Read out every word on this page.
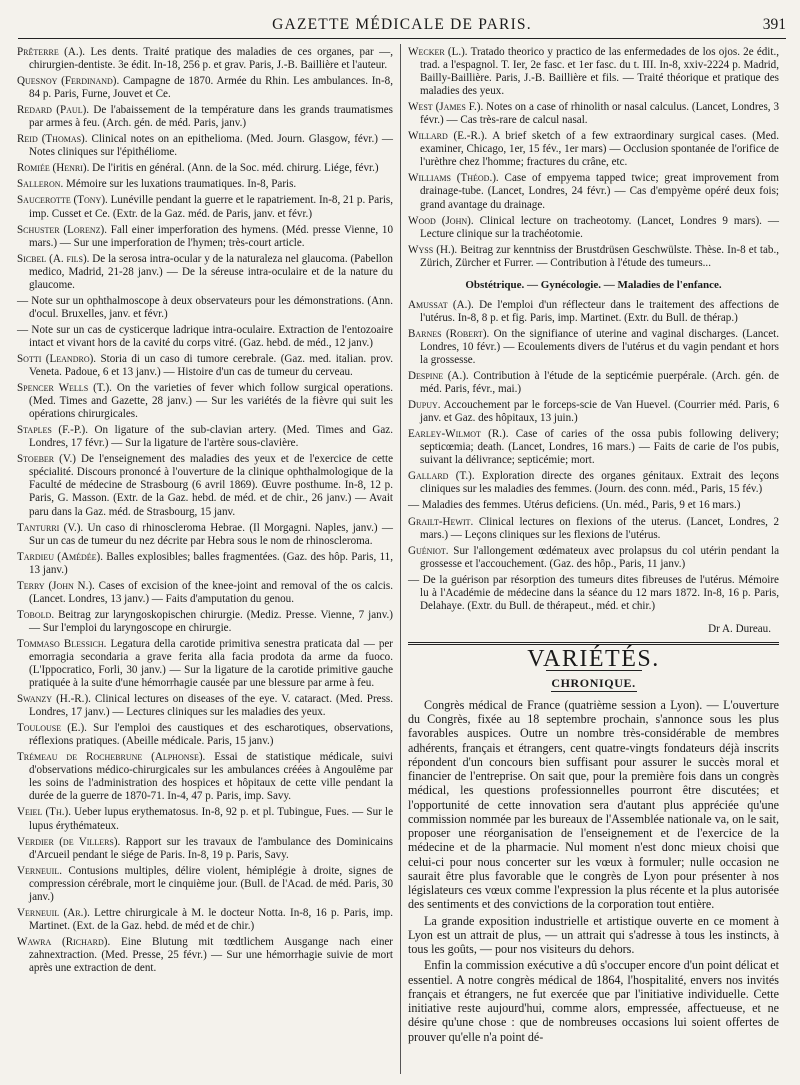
GAZETTE MÉDICALE DE PARIS.	391
Prêterre (A.). Les dents. Traité pratique des maladies de ces organes, par —, chirurgien-dentiste. 3e édit. In-18, 256 p. et grav. Paris, J.-B. Baillière et l'auteur.
Quesnoy (Ferdinand). Campagne de 1870. Armée du Rhin. Les ambulances. In-8, 84 p. Paris, Furne, Jouvet et Ce.
Redard (Paul). De l'abaissement de la température dans les grands traumatismes par armes à feu. (Arch. gén. de méd. Paris, janv.)
Reid (Thomas). Clinical notes on an epithelioma. (Med. Journ. Glasgow, févr.) — Notes cliniques sur l'épithéliome.
Romiée (Henri). De l'iritis en général. (Ann. de la Soc. méd. chirurg. Liége, févr.)
Salleron. Mémoire sur les luxations traumatiques. In-8, Paris.
Saucerotte (Tony). Lunéville pendant la guerre et le rapatriement. In-8, 21 p. Paris, imp. Cusset et Ce. (Extr. de la Gaz. méd. de Paris, janv. et févr.)
Schuster (Lorenz). Fall einer imperforation des hymens. (Méd. presse Vienne, 10 mars.) — Sur une imperforation de l'hymen; très-court article.
Sicbel (A. fils). De la serosa intra-ocular y de la naturaleza nel glaucoma. (Pabellon medico, Madrid, 21-28 janv.) — De la séreuse intra-oculaire et de la nature du glaucome.
— Note sur un ophthalmoscope à deux observateurs pour les démonstrations. (Ann. d'ocul. Bruxelles, janv. et févr.)
— Note sur un cas de cysticerque ladrique intra-oculaire. Extraction de l'entozoaire intact et vivant hors de la cavité du corps vitré. (Gaz. hebd. de méd., 12 janv.)
Sotti (Leandro). Storia di un caso di tumore cerebrale. (Gaz. med. italian. prov. Veneta. Padoue, 6 et 13 janv.) — Histoire d'un cas de tumeur du cerveau.
Spencer Wells (T.). On the varieties of fever which follow surgical operations. (Med. Times and Gazette, 28 janv.) — Sur les variétés de la fièvre qui suit les opérations chirurgicales.
Staples (F.-P.). On ligature of the sub-clavian artery. (Med. Times and Gaz. Londres, 17 févr.) — Sur la ligature de l'artère sous-clavière.
Stoeber (V.) De l'enseignement des maladies des yeux et de l'exercice de cette spécialité. Discours prononcé à l'ouverture de la clinique ophthalmologique de la Faculté de médecine de Strasbourg (6 avril 1869). Œuvre posthume. In-8, 12 p. Paris, G. Masson. (Extr. de la Gaz. hebd. de méd. et de chir., 26 janv.) — Avait paru dans la Gaz. méd. de Strasbourg, 15 janv.
Tanturri (V.). Un caso di rhinoscleroma Hebrae. (Il Morgagni. Naples, janv.) — Sur un cas de tumeur du nez décrite par Hebra sous le nom de rhinoscleroma.
Tardieu (Amédée). Balles explosibles; balles fragmentées. (Gaz. des hôp. Paris, 11, 13 janv.)
Terry (John N.). Cases of excision of the knee-joint and removal of the os calcis. (Lancet. Londres, 13 janv.) — Faits d'amputation du genou.
Tobold. Beitrag zur laryngoskopischen chirurgie. (Mediz. Presse. Vienne, 7 janv.) — Sur l'emploi du laryngoscope en chirurgie.
Tommaso Blessich. Legatura della carotide primitiva senestra praticata dal — per emorragia secondaria a grave ferita alla facia prodota da arme da fuoco. (L'Ippocratico, Forli, 30 janv.) — Sur la ligature de la carotide primitive gauche pratiquée à la suite d'une hémorrhagie causée par une blessure par arme à feu.
Swanzy (H.-R.). Clinical lectures on diseases of the eye. V. cataract. (Med. Press. Londres, 17 janv.) — Lectures cliniques sur les maladies des yeux.
Toulouse (E.). Sur l'emploi des caustiques et des escharotiques, observations, réflexions pratiques. (Abeille médicale. Paris, 15 janv.)
Trémeau de Rochebrune (Alphonse). Essai de statistique médicale, suivi d'observations médico-chirurgicales sur les ambulances créées à Angoulême par les soins de l'administration des hospices et hôpitaux de cette ville pendant la durée de la guerre de 1870-71. In-4, 47 p. Paris, imp. Savy.
Veiel (Th.). Ueber lupus erythematosus. In-8, 92 p. et pl. Tubingue, Fues. — Sur le lupus érythémateux.
Verdier (de Villers). Rapport sur les travaux de l'ambulance des Dominicains d'Arcueil pendant le siége de Paris. In-8, 19 p. Paris, Savy.
Verneuil. Contusions multiples, délire violent, hémiplégie à droite, signes de compression cérébrale, mort le cinquième jour. (Bull. de l'Acad. de méd. Paris, 30 janv.)
Verneuil (Ar.). Lettre chirurgicale à M. le docteur Notta. In-8, 16 p. Paris, imp. Martinet. (Ext. de la Gaz. hebd. de méd et de chir.)
Wawra (Richard). Eine Blutung mit tœdtlichem Ausgange nach einer zahnextraction. (Med. Presse, 25 févr.) — Sur une hémorrhagie suivie de mort après une extraction de dent.
Wecker (L.). Tratado theorico y practico de las enfermedades de los ojos. 2e édit., trad. a l'espagnol. T. Ier, 2e fasc. et 1er fasc. du t. III. In-8, xxiv-2224 p. Madrid, Bailly-Baillière. Paris, J.-B. Baillière et fils. — Traité théorique et pratique des maladies des yeux.
West (James F.). Notes on a case of rhinolith or nasal calculus. (Lancet, Londres, 3 févr.) — Cas très-rare de calcul nasal.
Willard (E.-R.). A brief sketch of a few extraordinary surgical cases. (Med. examiner, Chicago, 1er, 15 fév., 1er mars) — Occlusion spontanée de l'orifice de l'urèthre chez l'homme; fractures du crâne, etc.
Williams (Théod.). Case of empyema tapped twice; great improvement from drainage-tube. (Lancet, Londres, 24 févr.) — Cas d'empyème opéré deux fois; grand avantage du drainage.
Wood (John). Clinical lecture on tracheotomy. (Lancet, Londres 9 mars). — Lecture clinique sur la trachéotomie.
Wyss (H.). Beitrag zur kenntniss der Brustdrüsen Geschwülste. Thèse. In-8 et tab., Zürich, Zürcher et Furrer. — Contribution à l'étude des tumeurs...
Obstétrique. — Gynécologie. — Maladies de l'enfance.
Amussat (A.). De l'emploi d'un réflecteur dans le traitement des affections de l'utérus. In-8, 8 p. et fig. Paris, imp. Martinet. (Extr. du Bull. de thérap.)
Barnes (Robert). On the signifiance of uterine and vaginal discharges. (Lancet. Londres, 10 févr.) — Ecoulements divers de l'utérus et du vagin pendant et hors la grossesse.
Despine (A.). Contribution à l'étude de la septicémie puerpérale. (Arch. gén. de méd. Paris, févr., mai.)
Dupuy. Accouchement par le forceps-scie de Van Huevel. (Courrier méd. Paris, 6 janv. et Gaz. des hôpitaux, 13 juin.)
Earley-Wilmot (R.). Case of caries of the ossa pubis following delivery; septicœmia; death. (Lancet, Londres, 16 mars.) — Faits de carie de l'os pubis, suivant la délivrance; septicémie; mort.
Gallard (T.). Exploration directe des organes génitaux. Extrait des leçons cliniques sur les maladies des femmes. (Journ. des conn. méd., Paris, 15 fév.)
— Maladies des femmes. Utérus deficiens. (Un. méd., Paris, 9 et 16 mars.)
Grailt-Hewit. Clinical lectures on flexions of the uterus. (Lancet, Londres, 2 mars.) — Leçons cliniques sur les flexions de l'utérus.
Guéniot. Sur l'allongement œdémateux avec prolapsus du col utérin pendant la grossesse et l'accouchement. (Gaz. des hôp., Paris, 11 janv.)
— De la guérison par résorption des tumeurs dites fibreuses de l'utérus. Mémoire lu à l'Académie de médecine dans la séance du 12 mars 1872. In-8, 16 p. Paris, Delahaye. (Extr. du Bull. de thérapeut., méd. et chir.)
Dr A. Dureau.
VARIÉTÉS.
CHRONIQUE.
Congrès médical de France (quatrième session a Lyon). — L'ouverture du Congrès, fixée au 18 septembre prochain, s'annonce sous les plus favorables auspices. Outre un nombre très-considérable de membres adhérents, français et étrangers, cent quatre-vingts fondateurs déjà inscrits répondent d'un concours bien suffisant pour assurer le succès moral et financier de l'entreprise. On sait que, pour la première fois dans un congrès médical, les questions professionnelles pourront être discutées; et l'opportunité de cette innovation sera d'autant plus appréciée qu'une commission nommée par les bureaux de l'Assemblée nationale va, on le sait, proposer une réorganisation de l'enseignement et de l'exercice de la médecine et de la pharmacie. Nul moment n'est donc mieux choisi que celui-ci pour nous concerter sur les vœux à formuler; nulle occasion ne saurait être plus favorable que le congrès de Lyon pour présenter à nos législateurs ces vœux comme l'expression la plus récente et la plus autorisée des sentiments et des convictions de la corporation tout entière.
La grande exposition industrielle et artistique ouverte en ce moment à Lyon est un attrait de plus, — un attrait qui s'adresse à tous les instincts, à tous les goûts, — pour nos visiteurs du dehors.
Enfin la commission exécutive a dû s'occuper encore d'un point délicat et essentiel. A notre congrès médical de 1864, l'hospitalité, envers nos invités français et étrangers, ne fut exercée que par l'initiative individuelle. Cette initiative reste aujourd'hui, comme alors, empressée, affectueuse, et ne désire qu'une chose : que de nombreuses occasions lui soient offertes de prouver qu'elle n'a point dé-
